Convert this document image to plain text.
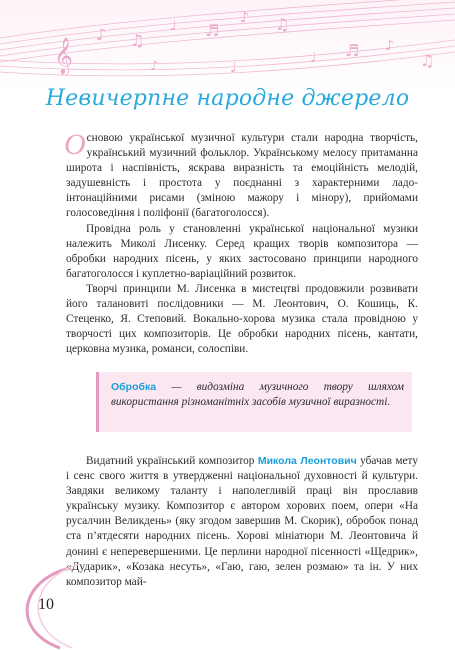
𝄞
♪ ♫
♩ ♬
♪ ♫
♩ ♬ ♪
♫
♩
♪
Невичерпне народне джерело

Основою української музичної культури стали народна творчість, український музичний фольклор. Українському мелосу притаманна широта і наспівність, яскрава виразність та емоційність мелодій, задушевність і простота у поєднанні з характерними ладо-інтонаційними рисами (зміною мажору і мінору), прийомами голосоведіння і поліфонії (багатоголосся).

Провідна роль у становленні української національної музики належить Миколі Лисенку. Серед кращих творів композитора — обробки народних пісень, у яких застосовано принципи народного багатоголосся і куплетно-варіаційний розвиток.

Творчі принципи М. Лисенка в мистецтві продовжили розвивати його талановиті послідовники — М. Леонтович, О. Кошиць, К. Стеценко, Я. Степовий. Вокально-хорова музика стала провідною у творчості цих композиторів. Це обробки народних пісень, кантати, церковна музика, романси, солоспіви.

Обробка — видозміна музичного твору шляхом використання різноманітніх засобів музичної виразності.

Видатний український композитор Микола Леонтович убачав мету і сенс свого життя в утвердженні національної духовності й культури. Завдяки великому таланту і наполегливій праці він прославив українську музику. Композитор є автором хорових поем, опери «На русалчин Великдень» (яку згодом завершив М. Скорик), обробок понад ста п’ятдесяти народних пісень. Хорові мініатюри М. Леонтовича й донині є неперевершеними. Це перлини народної пісенності «Щедрик», «Дударик», «Козака несуть», «Гаю, гаю, зелен розмаю» та ін. У них композитор май-

10
